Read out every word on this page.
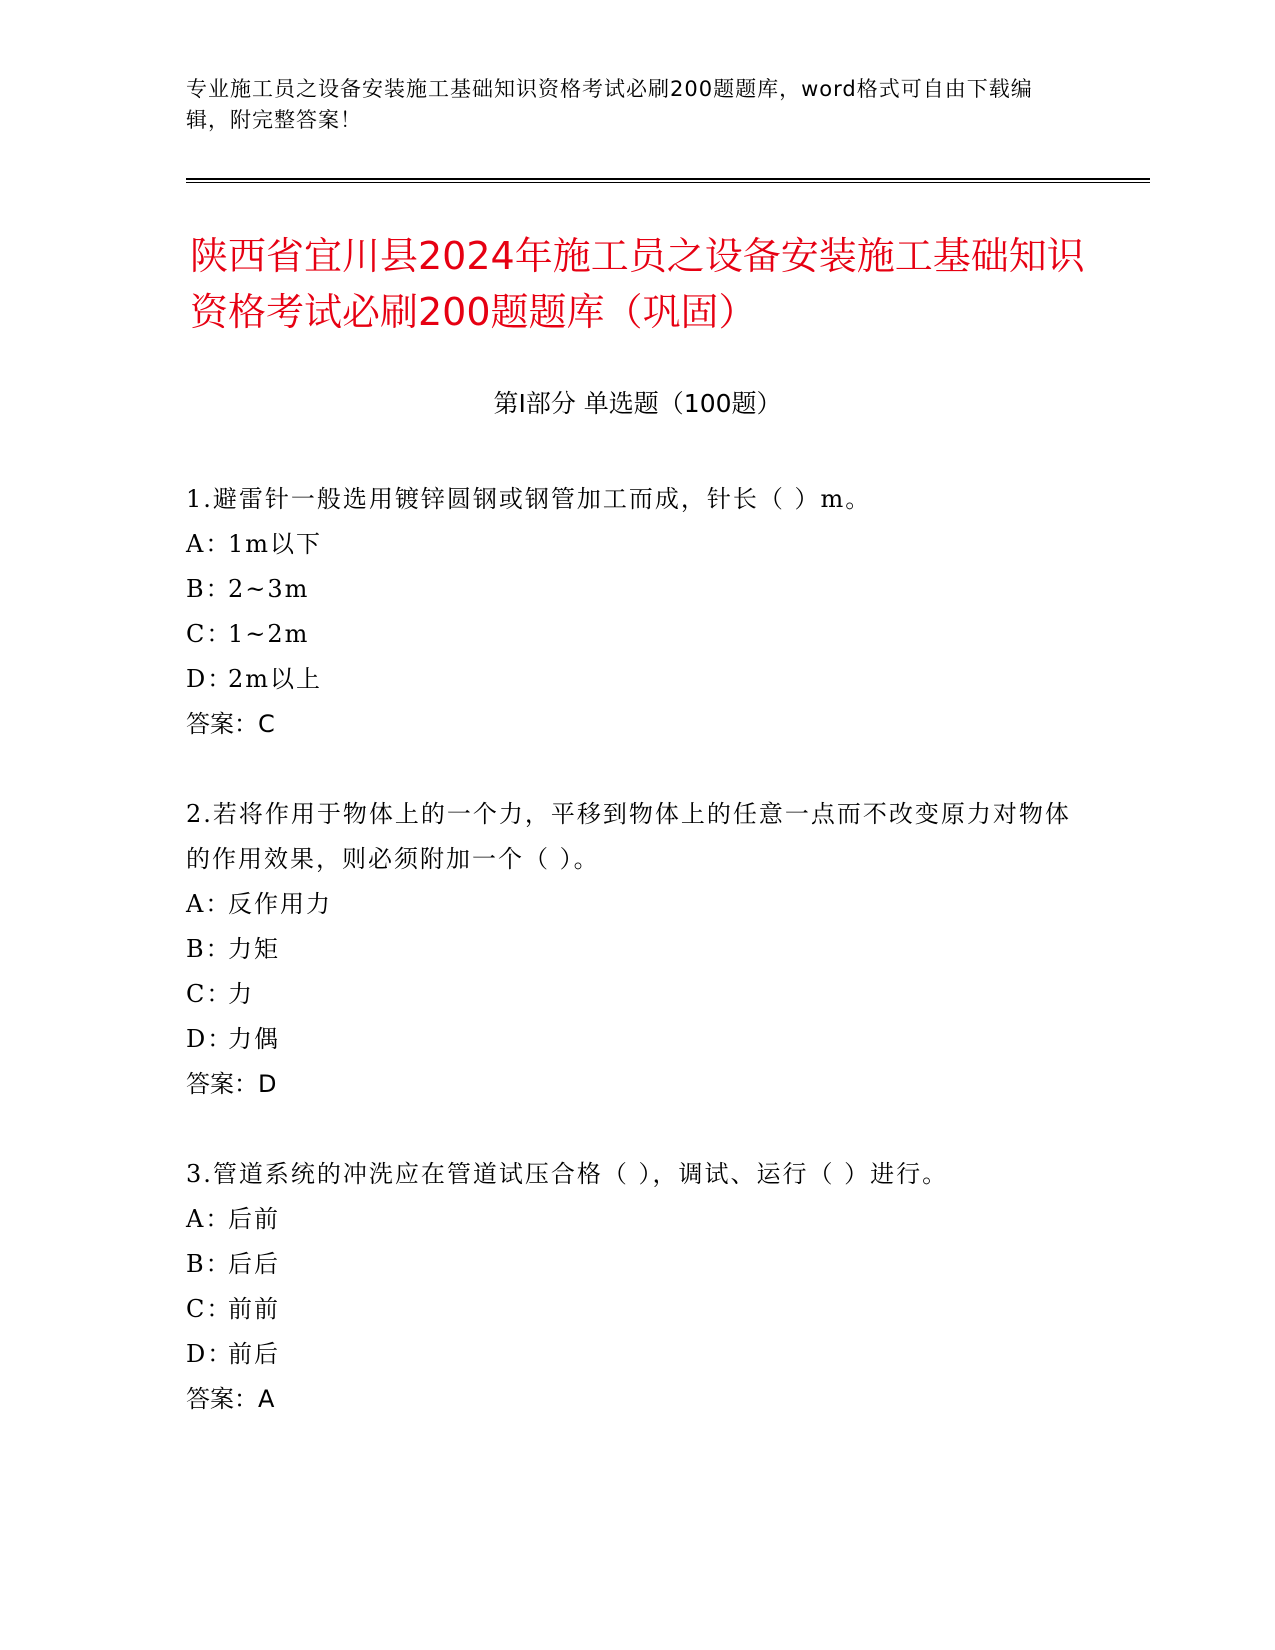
专业施工员之设备安装施工基础知识资格考试必刷200题题库，word格式可自由下载编辑，附完整答案！
陕西省宜川县2024年施工员之设备安装施工基础知识资格考试必刷200题题库（巩固）
第I部分 单选题（100题）

1.避雷针一般选用镀锌圆钢或钢管加工而成，针长（ ）m。

A：1m以下

B：2~3m

C：1~2m

D：2m以上

答案：C

2.若将作用于物体上的一个力，平移到物体上的任意一点而不改变原力对物体的作用效果，则必须附加一个（ ）。

A：反作用力

B：力矩

C：力

D：力偶

答案：D

3.管道系统的冲洗应在管道试压合格（ ），调试、运行（ ）进行。

A：后前

B：后后

C：前前

D：前后

答案：A
